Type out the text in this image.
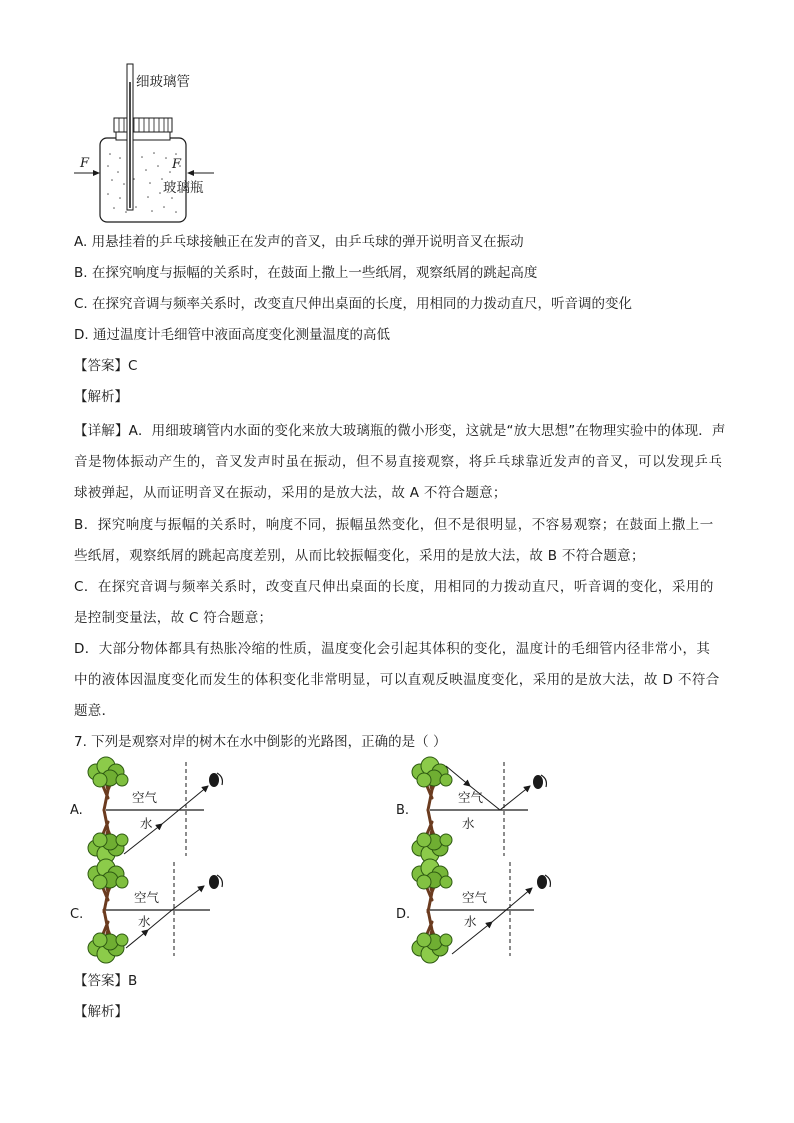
F	F
细玻璃管
玻璃瓶
A. 用悬挂着的乒乓球接触正在发声的音叉，由乒乓球的弹开说明音叉在振动
B. 在探究响度与振幅的关系时，在鼓面上撒上一些纸屑，观察纸屑的跳起高度
C. 在探究音调与频率关系时，改变直尺伸出桌面的长度，用相同的力拨动直尺，听音调的变化
D. 通过温度计毛细管中液面高度变化测量温度的高低
【答案】C
【解析】
【详解】A．用细玻璃管内水面的变化来放大玻璃瓶的微小形变，这就是“放大思想”在物理实验中的体现．声
音是物体振动产生的，音叉发声时虽在振动，但不易直接观察，将乒乓球靠近发声的音叉，可以发现乒乓
球被弹起，从而证明音叉在振动，采用的是放大法，故 A 不符合题意；
B．探究响度与振幅的关系时，响度不同，振幅虽然变化，但不是很明显，不容易观察；在鼓面上撒上一
些纸屑，观察纸屑的跳起高度差别，从而比较振幅变化，采用的是放大法，故 B 不符合题意；
C．在探究音调与频率关系时，改变直尺伸出桌面的长度，用相同的力拨动直尺，听音调的变化，采用的
是控制变量法，故 C 符合题意；
D．大部分物体都具有热胀冷缩的性质，温度变化会引起其体积的变化，温度计的毛细管内径非常小，其
中的液体因温度变化而发生的体积变化非常明显，可以直观反映温度变化，采用的是放大法，故 D 不符合
题意．
7. 下列是观察对岸的树木在水中倒影的光路图，正确的是（ ）
A.
空气
水
B.
空气
水
C.
空气
水	D.
空气
水
【答案】B
【解析】
